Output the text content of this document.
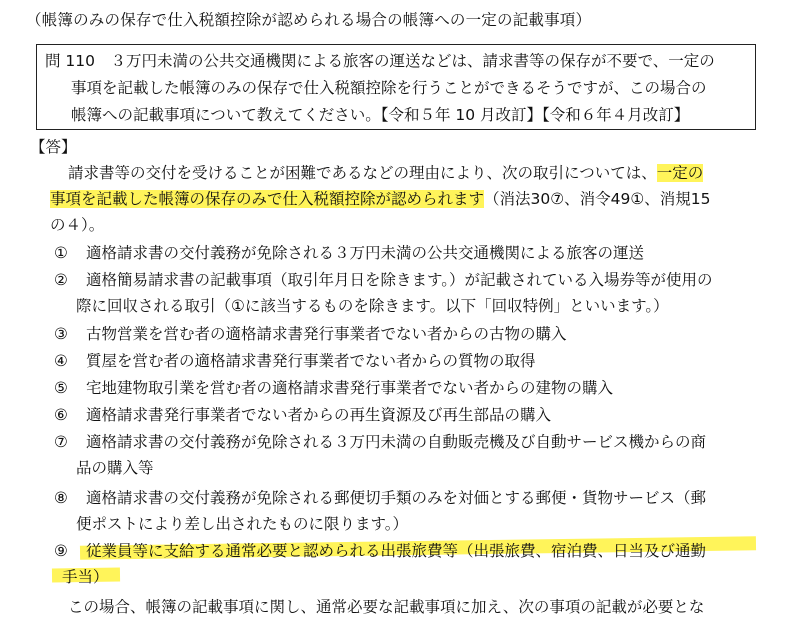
（帳簿のみの保存で仕入税額控除が認められる場合の帳簿への一定の記載事項）
問 110　３万円未満の公共交通機関による旅客の運送などは、請求書等の保存が不要で、一定の
事項を記載した帳簿のみの保存で仕入税額控除を行うことができるそうですが、この場合の
帳簿への記載事項について教えてください。【令和５年 10 月改訂】【令和６年４月改訂】
【答】
請求書等の交付を受けることが困難であるなどの理由により、次の取引については、一定の
事項を記載した帳簿の保存のみで仕入税額控除が認められます（消法30⑦、消令49①、消規15
の４）。
① 適格請求書の交付義務が免除される３万円未満の公共交通機関による旅客の運送
② 適格簡易請求書の記載事項（取引年月日を除きます。）が記載されている入場券等が使用の
際に回収される取引（①に該当するものを除きます。以下「回収特例」といいます。）
③ 古物営業を営む者の適格請求書発行事業者でない者からの古物の購入
④ 質屋を営む者の適格請求書発行事業者でない者からの質物の取得
⑤ 宅地建物取引業を営む者の適格請求書発行事業者でない者からの建物の購入
⑥ 適格請求書発行事業者でない者からの再生資源及び再生部品の購入
⑦ 適格請求書の交付義務が免除される３万円未満の自動販売機及び自動サービス機からの商
品の購入等
⑧ 適格請求書の交付義務が免除される郵便切手類のみを対価とする郵便・貨物サービス（郵
便ポストにより差し出されたものに限ります。）
⑨ 従業員等に支給する通常必要と認められる出張旅費等（出張旅費、宿泊費、日当及び通勤
手当）
この場合、帳簿の記載事項に関し、通常必要な記載事項に加え、次の事項の記載が必要とな
